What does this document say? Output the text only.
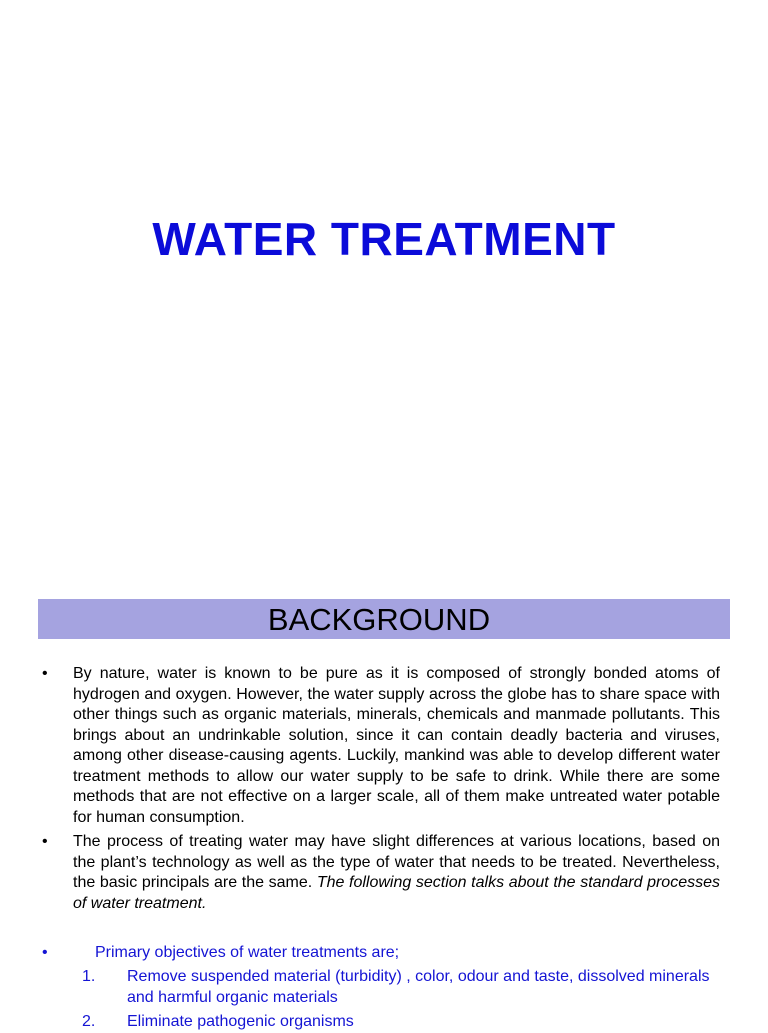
WATER TREATMENT
BACKGROUND
• By nature, water is known to be pure as it is composed of strongly bonded atoms of hydrogen and oxygen. However, the water supply across the globe has to share space with other things such as organic materials, minerals, chemicals and manmade pollutants. This brings about an undrinkable solution, since it can contain deadly bacteria and viruses, among other disease-causing agents. Luckily, mankind was able to develop different water treatment methods to allow our water supply to be safe to drink. While there are some methods that are not effective on a larger scale, all of them make untreated water potable for human consumption.
• The process of treating water may have slight differences at various locations, based on the plant’s technology as well as the type of water that needs to be treated. Nevertheless, the basic principals are the same. The following section talks about the standard processes of water treatment.
•	Primary objectives of water treatments are;
1. Remove suspended material (turbidity) , color, odour and taste, dissolved minerals and harmful organic materials
2. Eliminate pathogenic organisms
